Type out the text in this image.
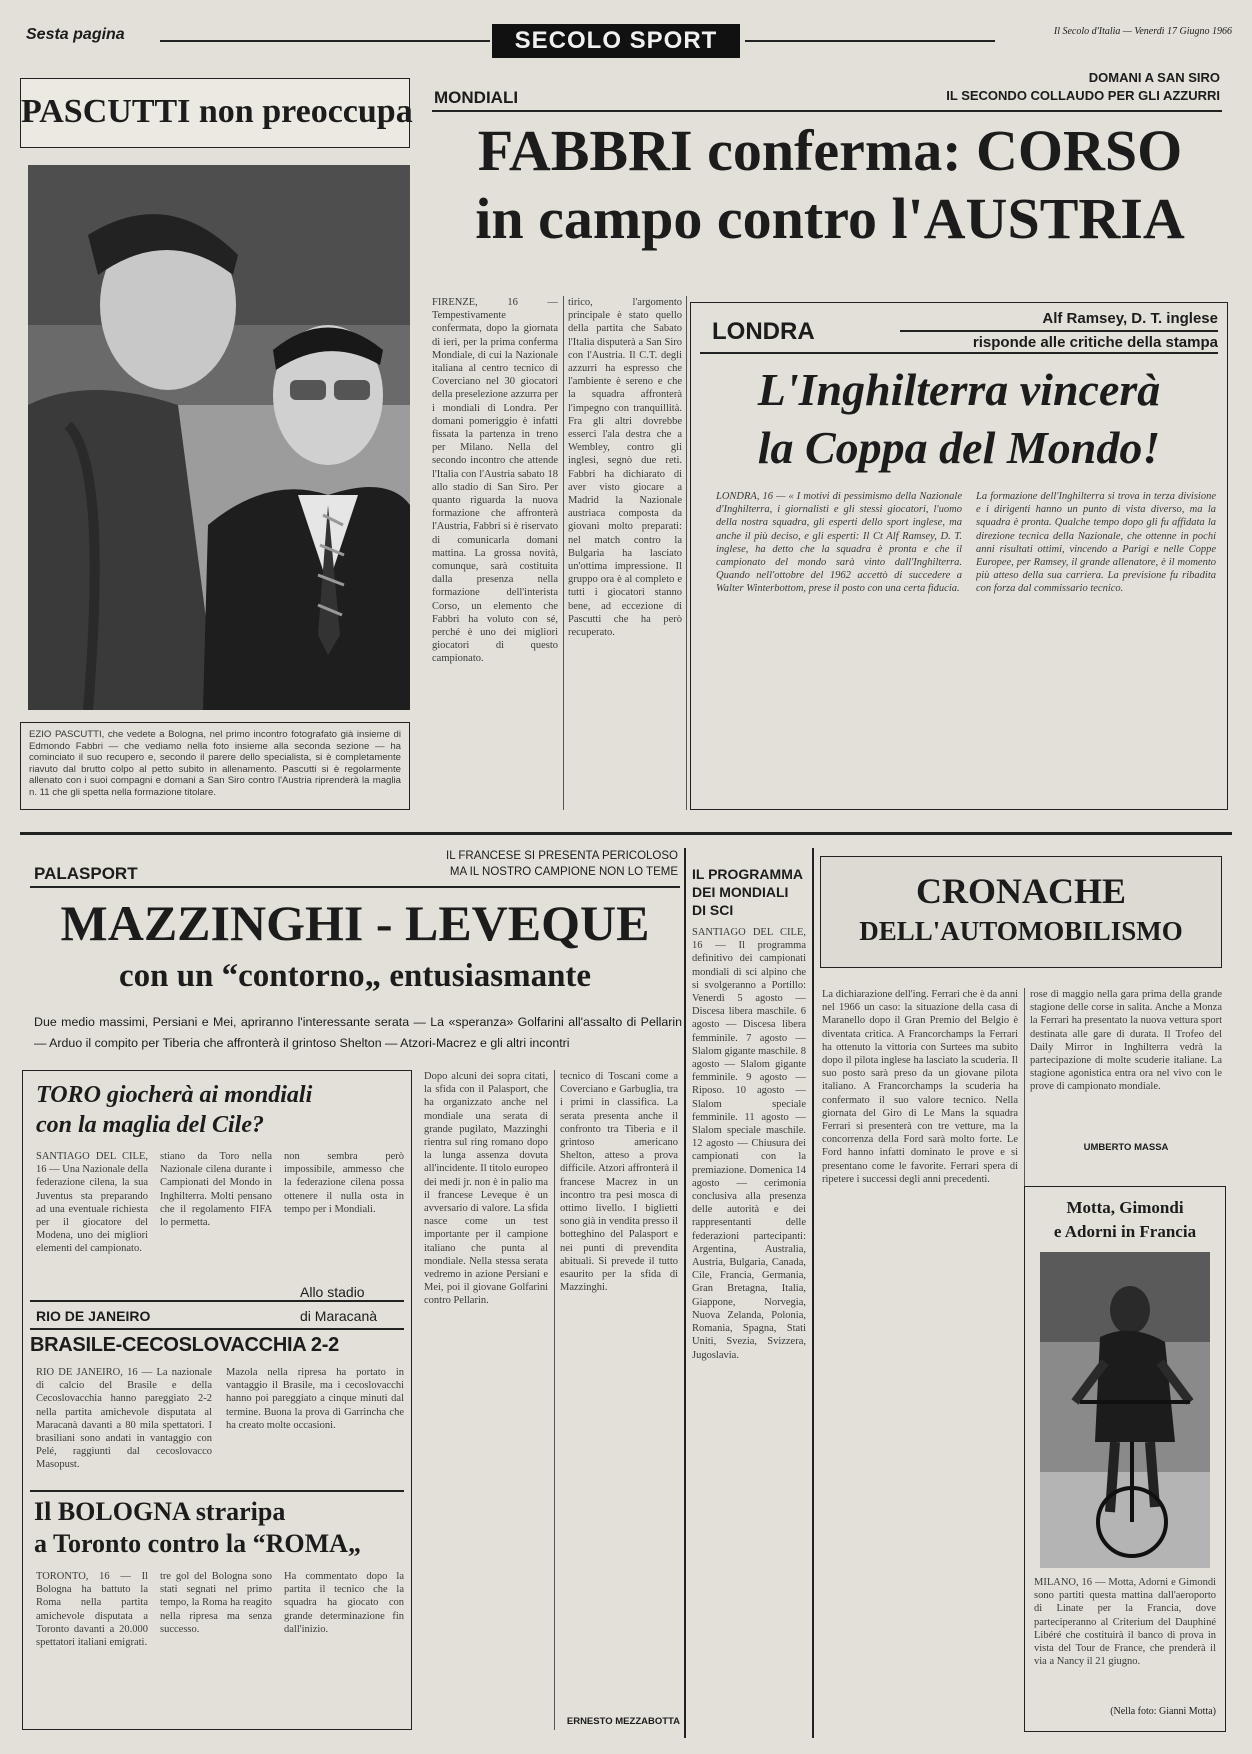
Sesta pagina	SECOLO SPORT	Il Secolo d'Italia — Venerdì 17 Giugno 1966
PASCUTTI non preoccupa
EZIO PASCUTTI, che vedete a Bologna, nel primo incontro fotografato già insieme di Edmondo Fabbri — che vediamo nella foto insieme alla seconda sezione — ha cominciato il suo recupero e, secondo il parere dello specialista, si è completamente riavuto dal brutto colpo al petto subito in allenamento. Pascutti si è regolarmente allenato con i suoi compagni e domani a San Siro contro l'Austria riprenderà la maglia n. 11 che gli spetta nella formazione titolare.
MONDIALI
DOMANI A SAN SIRO
IL SECONDO COLLAUDO PER GLI AZZURRI
FABBRI conferma: CORSO
in campo contro l'AUSTRIA
FIRENZE, 16 — Tempestivamente confermata, dopo la giornata di ieri, per la prima conferma Mondiale, di cui la Nazionale italiana al centro tecnico di Coverciano nel 30 giocatori della preselezione azzurra per i mondiali di Londra. Per domani pomeriggio è infatti fissata la partenza in treno per Milano. Nella del secondo incontro che attende l'Italia con l'Austria sabato 18 allo stadio di San Siro. Per quanto riguarda la nuova formazione che affronterà l'Austria, Fabbri si è riservato di comunicarla domani mattina. La grossa novità, comunque, sarà costituita dalla presenza nella formazione dell'interista Corso, un elemento che Fabbri ha voluto con sé, perché è uno dei migliori giocatori di questo campionato.
tirico, l'argomento principale è stato quello della partita che Sabato l'Italia disputerà a San Siro con l'Austria. Il C.T. degli azzurri ha espresso che l'ambiente è sereno e che la squadra affronterà l'impegno con tranquillità. Fra gli altri dovrebbe esserci l'ala destra che a Wembley, contro gli inglesi, segnò due reti. Fabbri ha dichiarato di aver visto giocare a Madrid la Nazionale austriaca composta da giovani molto preparati: nel match contro la Bulgaria ha lasciato un'ottima impressione. Il gruppo ora è al completo e tutti i giocatori stanno bene, ad eccezione di Pascutti che ha però recuperato.
LONDRA	Alf Ramsey, D. T. inglese
risponde alle critiche della stampa
L'Inghilterra vincerà
la Coppa del Mondo!
LONDRA, 16 — « I motivi di pessimismo della Nazionale d'Inghilterra, i giornalisti e gli stessi giocatori, l'uomo della nostra squadra, gli esperti dello sport inglese, ma anche il più deciso, e gli esperti: Il Ct Alf Ramsey, D. T. inglese, ha detto che la squadra è pronta e che il campionato del mondo sarà vinto dall'Inghilterra. Quando nell'ottobre del 1962 accettò di succedere a Walter Winterbottom, prese il posto con una certa fiducia.
La formazione dell'Inghilterra si trova in terza divisione e i dirigenti hanno un punto di vista diverso, ma la squadra è pronta. Qualche tempo dopo gli fu affidata la direzione tecnica della Nazionale, che ottenne in pochi anni risultati ottimi, vincendo a Parigi e nelle Coppe Europee, per Ramsey, il grande allenatore, è il momento più atteso della sua carriera. La previsione fu ribadita con forza dal commissario tecnico.
PALASPORT
IL FRANCESE SI PRESENTA PERICOLOSO
MA IL NOSTRO CAMPIONE NON LO TEME
MAZZINGHI - LEVEQUE
con un “contorno„ entusiasmante
Due medio massimi, Persiani e Mei, apriranno l'interessante serata — La «speranza» Golfarini all'assalto di Pellarin — Arduo il compito per Tiberia che affronterà il grintoso Shelton — Atzori-Macrez e gli altri incontri
TORO giocherà ai mondiali
con la maglia del Cile?
SANTIAGO DEL CILE, 16 — Una Nazionale della federazione cilena, la sua Juventus sta preparando ad una eventuale richiesta per il giocatore del Modena, uno dei migliori elementi del campionato.
stiano da Toro nella Nazionale cilena durante i Campionati del Mondo in Inghilterra. Molti pensano che il regolamento FIFA lo permetta.
non sembra però impossibile, ammesso che la federazione cilena possa ottenere il nulla osta in tempo per i Mondiali.
Allo stadio
RIO DE JANEIRO	di Maracanà
BRASILE-CECOSLOVACCHIA 2-2
RIO DE JANEIRO, 16 — La nazionale di calcio del Brasile e della Cecoslovacchia hanno pareggiato 2-2 nella partita amichevole disputata al Maracanà davanti a 80 mila spettatori. I brasiliani sono andati in vantaggio con Pelé, raggiunti dal cecoslovacco Masopust.
Mazola nella ripresa ha portato in vantaggio il Brasile, ma i cecoslovacchi hanno poi pareggiato a cinque minuti dal termine. Buona la prova di Garrincha che ha creato molte occasioni.
Il BOLOGNA straripa
a Toronto contro la “ROMA„
TORONTO, 16 — Il Bologna ha battuto la Roma nella partita amichevole disputata a Toronto davanti a 20.000 spettatori italiani emigrati.
tre gol del Bologna sono stati segnati nel primo tempo, la Roma ha reagito nella ripresa ma senza successo.
Ha commentato dopo la partita il tecnico che la squadra ha giocato con grande determinazione fin dall'inizio.
Dopo alcuni dei sopra citati, la sfida con il Palasport, che ha organizzato anche nel mondiale una serata di grande pugilato, Mazzinghi rientra sul ring romano dopo la lunga assenza dovuta all'incidente. Il titolo europeo dei medi jr. non è in palio ma il francese Leveque è un avversario di valore. La sfida nasce come un test importante per il campione italiano che punta al mondiale. Nella stessa serata vedremo in azione Persiani e Mei, poi il giovane Golfarini contro Pellarin.
tecnico di Toscani come a Coverciano e Garbuglia, tra i primi in classifica. La serata presenta anche il confronto tra Tiberia e il grintoso americano Shelton, atteso a prova difficile. Atzori affronterà il francese Macrez in un incontro tra pesi mosca di ottimo livello. I biglietti sono già in vendita presso il botteghino del Palasport e nei punti di prevendita abituali. Si prevede il tutto esaurito per la sfida di Mazzinghi.
ERNESTO MEZZABOTTA
IL PROGRAMMA
DEI MONDIALI
DI SCI
SANTIAGO DEL CILE, 16 — Il programma definitivo dei campionati mondiali di sci alpino che si svolgeranno a Portillo: Venerdì 5 agosto — Discesa libera maschile. 6 agosto — Discesa libera femminile. 7 agosto — Slalom gigante maschile. 8 agosto — Slalom gigante femminile. 9 agosto — Riposo. 10 agosto — Slalom speciale femminile. 11 agosto — Slalom speciale maschile. 12 agosto — Chiusura dei campionati con la premiazione. Domenica 14 agosto — cerimonia conclusiva alla presenza delle autorità e dei rappresentanti delle federazioni partecipanti: Argentina, Australia, Austria, Bulgaria, Canada, Cile, Francia, Germania, Gran Bretagna, Italia, Giappone, Norvegia, Nuova Zelanda, Polonia, Romania, Spagna, Stati Uniti, Svezia, Svizzera, Jugoslavia.
CRONACHE
DELL'AUTOMOBILISMO
La dichiarazione dell'ing. Ferrari che è da anni nel 1966 un caso: la situazione della casa di Maranello dopo il Gran Premio del Belgio è diventata critica. A Francorchamps la Ferrari ha ottenuto la vittoria con Surtees ma subito dopo il pilota inglese ha lasciato la scuderia. Il suo posto sarà preso da un giovane pilota italiano. A Francorchamps la scuderia ha confermato il suo valore tecnico. Nella giornata del Giro di Le Mans la squadra Ferrari si presenterà con tre vetture, ma la concorrenza della Ford sarà molto forte. Le Ford hanno infatti dominato le prove e si presentano come le favorite. Ferrari spera di ripetere i successi degli anni precedenti.
rose di maggio nella gara prima della grande stagione delle corse in salita. Anche a Monza la Ferrari ha presentato la nuova vettura sport destinata alle gare di durata. Il Trofeo del Daily Mirror in Inghilterra vedrà la partecipazione di molte scuderie italiane. La stagione agonistica entra ora nel vivo con le prove di campionato mondiale.
UMBERTO MASSA
Motta, Gimondi
e Adorni in Francia
MILANO, 16 — Motta, Adorni e Gimondi sono partiti questa mattina dall'aeroporto di Linate per la Francia, dove parteciperanno al Criterium del Dauphiné Libéré che costituirà il banco di prova in vista del Tour de France, che prenderà il via a Nancy il 21 giugno.
(Nella foto: Gianni Motta)
